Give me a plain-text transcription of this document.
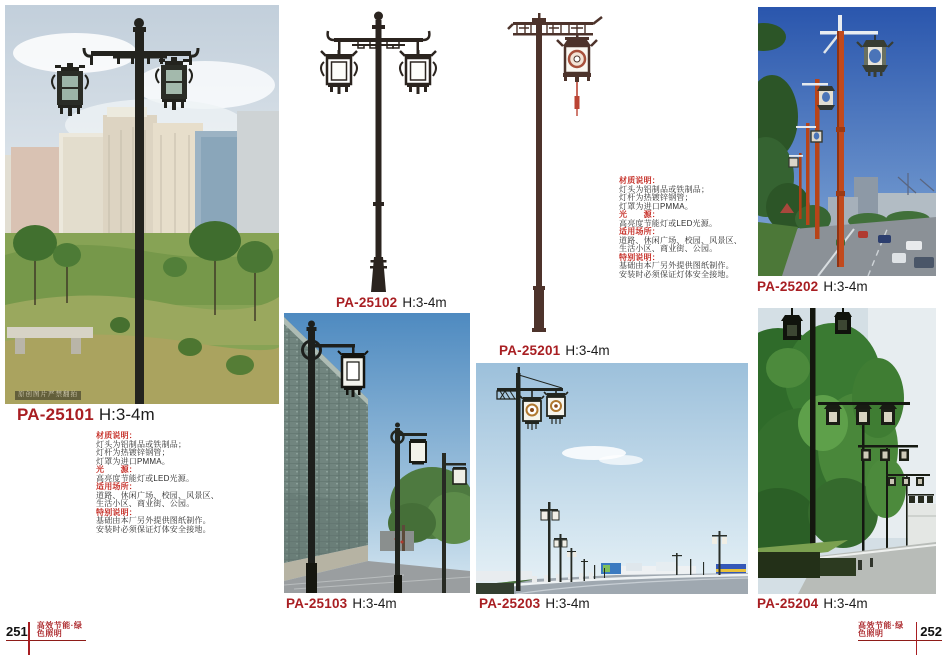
原创图片严禁翻拍
PA-25101 H:3-4m
材质说明：
灯头为铝制品或铁制品；
灯杆为热镀锌钢管；
灯罩为进口PMMA。
光　　源：
高亮度节能灯或LED光源。
适用场所：
道路、休闲广场、校园、风景区、
生活小区、商业街、公园。
特别说明：
基础由本厂另外提供图纸制作。
安装时必须保证灯体安全接地。
PA-25102 H:3-4m
PA-25103 H:3-4m
PA-25201 H:3-4m
材质说明：
灯头为铝制品或铁制品；
灯杆为热镀锌钢管；
灯罩为进口PMMA。
光　　源：
高亮度节能灯或LED光源。
适用场所：
道路、休闲广场、校园、风景区、
生活小区、商业街、公园。
特别说明：
基础由本厂另外提供图纸制作。
安装时必须保证灯体安全接地。
PA-25202 H:3-4m
PA-25203 H:3-4m	PA-25204 H:3-4m
251 高效节能·绿色照明
高效节能·绿色照明	252
